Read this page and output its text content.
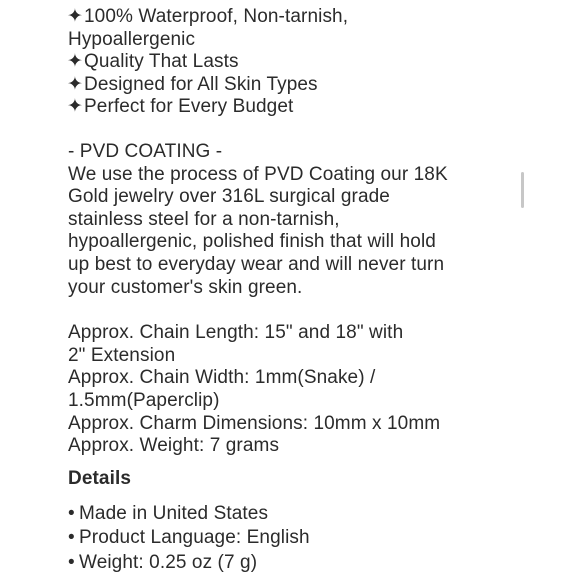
✦100% Waterproof, Non-tarnish,
Hypoallergenic
✦Quality That Lasts
✦Designed for All Skin Types
✦Perfect for Every Budget
- PVD COATING -
We use the process of PVD Coating our 18K
Gold jewelry over 316L surgical grade
stainless steel for a non-tarnish,
hypoallergenic, polished finish that will hold
up best to everyday wear and will never turn
your customer's skin green.
Approx. Chain Length: 15" and 18" with
2" Extension
Approx. Chain Width: 1mm(Snake) /
1.5mm(Paperclip)
Approx. Charm Dimensions: 10mm x 10mm
Approx. Weight: 7 grams
Details
• Made in United States
• Product Language: English
• Weight: 0.25 oz (7 g)
